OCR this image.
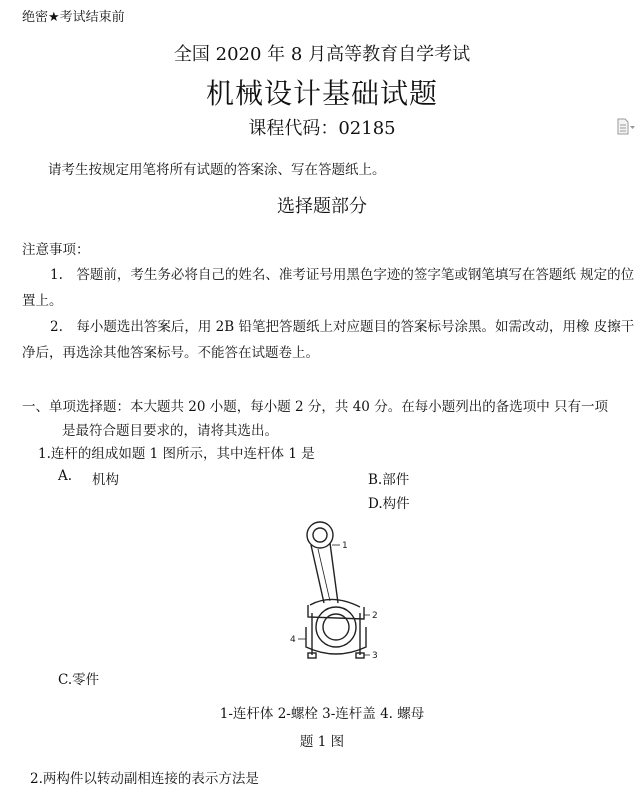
绝密★考试结束前
全国 2020 年 8 月高等教育自学考试
机械设计基础试题
课程代码：02185
请考生按规定用笔将所有试题的答案涂、写在答题纸上。
选择题部分
注意事项：
1.　答题前，考生务必将自己的姓名、准考证号用黑色字迹的签字笔或钢笔填写在答题纸 规定的位置上。
2.　每小题选出答案后，用 2B 铅笔把答题纸上对应题目的答案标号涂黑。如需改动，用橡 皮擦干净后，再选涂其他答案标号。不能答在试题卷上。
一、单项选择题：本大题共 20 小题，每小题 2 分，共 40 分。在每小题列出的备选项中 只有一项
是最符合题目要求的，请将其选出。
1.连杆的组成如题 1 图所示，其中连杆体 1 是
A. 机构	B.部件
D.构件
1
2
3
4
C.零件
1-连杆体 2-螺栓 3-连杆盖 4. 螺母
题 1 图
2.两构件以转动副相连接的表示方法是
